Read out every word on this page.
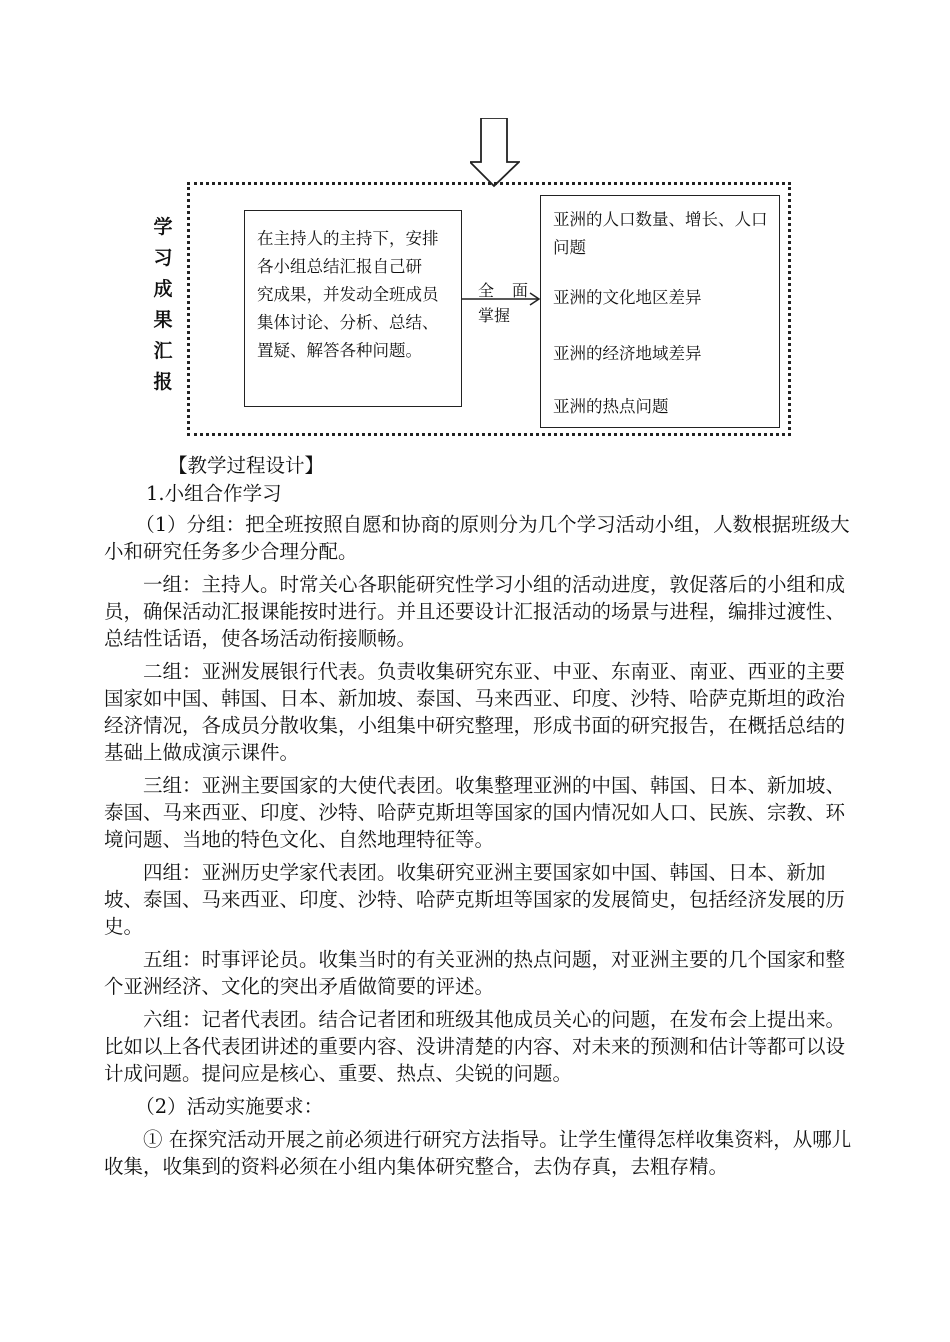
学
习
成
果
汇
报
在主持人的主持下，安排
各小组总结汇报自己研
究成果，并发动全班成员
集体讨论、分析、总结、
置疑、解答各种问题。
全面
掌握
亚洲的人口数量、增长、人口问题
亚洲的文化地区差异
亚洲的经济地域差异
亚洲的热点问题

【教学过程设计】

1.小组合作学习

（1）分组：把全班按照自愿和协商的原则分为几个学习活动小组，人数根据班级大小和研究任务多少合理分配。

一组：主持人。时常关心各职能研究性学习小组的活动进度，敦促落后的小组和成员，确保活动汇报课能按时进行。并且还要设计汇报活动的场景与进程，编排过渡性、总结性话语，使各场活动衔接顺畅。

二组：亚洲发展银行代表。负责收集研究东亚、中亚、东南亚、南亚、西亚的主要国家如中国、韩国、日本、新加坡、泰国、马来西亚、印度、沙特、哈萨克斯坦的政治经济情况，各成员分散收集，小组集中研究整理，形成书面的研究报告，在概括总结的基础上做成演示课件。

三组：亚洲主要国家的大使代表团。收集整理亚洲的中国、韩国、日本、新加坡、泰国、马来西亚、印度、沙特、哈萨克斯坦等国家的国内情况如人口、民族、宗教、环境问题、当地的特色文化、自然地理特征等。

四组：亚洲历史学家代表团。收集研究亚洲主要国家如中国、韩国、日本、新加坡、泰国、马来西亚、印度、沙特、哈萨克斯坦等国家的发展简史，包括经济发展的历史。

五组：时事评论员。收集当时的有关亚洲的热点问题，对亚洲主要的几个国家和整个亚洲经济、文化的突出矛盾做简要的评述。

六组：记者代表团。结合记者团和班级其他成员关心的问题，在发布会上提出来。比如以上各代表团讲述的重要内容、没讲清楚的内容、对未来的预测和估计等都可以设计成问题。提问应是核心、重要、热点、尖锐的问题。

（2）活动实施要求：

① 在探究活动开展之前必须进行研究方法指导。让学生懂得怎样收集资料，从哪儿收集，收集到的资料必须在小组内集体研究整合，去伪存真，去粗存精。
